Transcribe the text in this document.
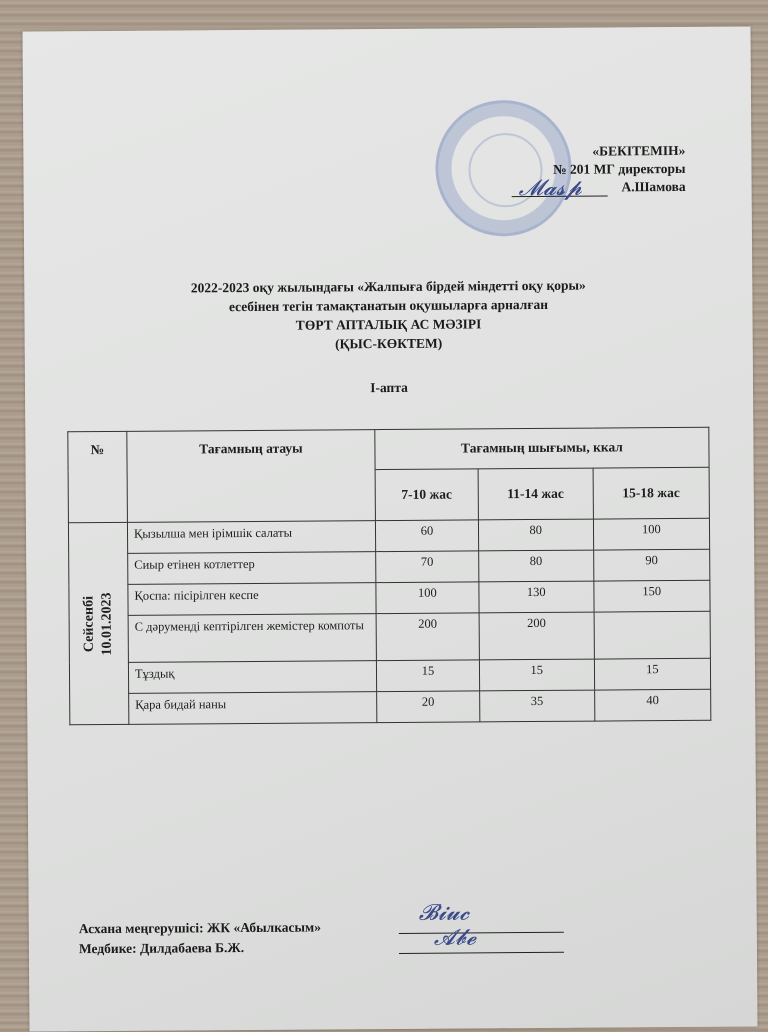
«БЕКІТЕМІН»
№ 201 МГ директоры
А.Шамова
𝓜𝓪𝓼𝓹
2022-2023 оқу жылындағы «Жалпыға бірдей міндетті оқу қоры»
есебінен тегін тамақтанатын оқушыларға арналған
ТӨРТ АПТАЛЫҚ АС МӘЗІРІ
(ҚЫС-КӨКТЕМ)
І-апта
№	Тағамның атауы	Тағамның шығымы, ккал		
		7-10 жас	11-14 жас	15-18 жас

Сейсенбі 10.01.2023	Қызылша мен ірімшік салаты	60	80	100
	Сиыр етінен котлеттер	70	80	90
	Қоспа: пісірілген кеспе	100	130	150
	С дәруменді кептірілген жемістер компоты	200	200	
	Тұздық	15	15	15
	Қара бидай наны	20	35	40
Асхана меңгерушісі: ЖК «Абылкасым»
Медбике: Дилдабаева Б.Ж.
𝓑𝓲𝓾𝓬
𝓐𝓫𝓮
